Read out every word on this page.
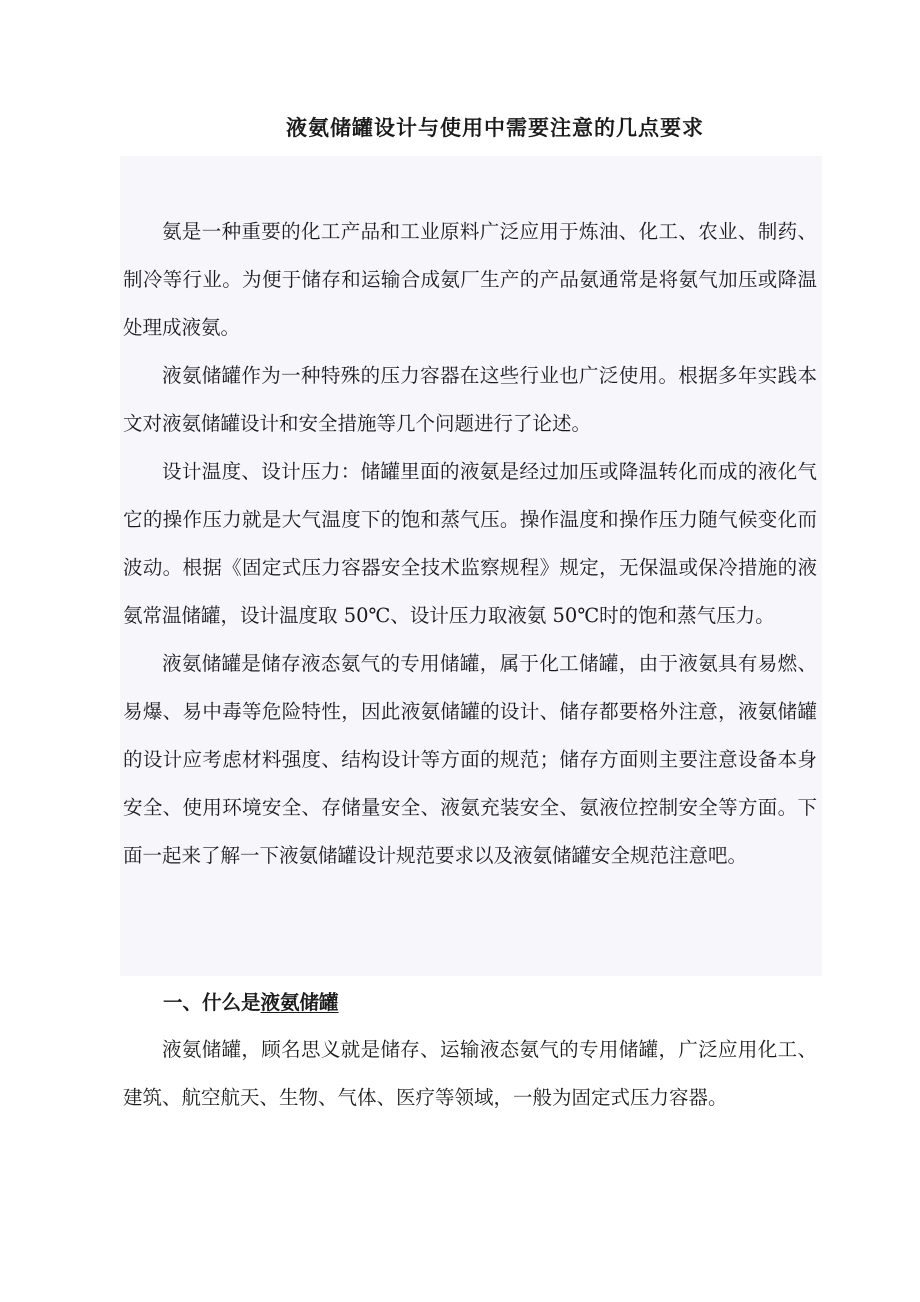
液氨储罐设计与使用中需要注意的几点要求

氨是一种重要的化工产品和工业原料广泛应用于炼油、化工、农业、制药、制冷等行业。为便于储存和运输合成氨厂生产的产品氨通常是将氨气加压或降温处理成液氨。

液氨储罐作为一种特殊的压力容器在这些行业也广泛使用。根据多年实践本文对液氨储罐设计和安全措施等几个问题进行了论述。

设计温度、设计压力：储罐里面的液氨是经过加压或降温转化而成的液化气它的操作压力就是大气温度下的饱和蒸气压。操作温度和操作压力随气候变化而波动。根据《固定式压力容器安全技术监察规程》规定，无保温或保冷措施的液氨常温储罐，设计温度取 50℃、设计压力取液氨 50℃时的饱和蒸气压力。

液氨储罐是储存液态氨气的专用储罐，属于化工储罐，由于液氨具有易燃、易爆、易中毒等危险特性，因此液氨储罐的设计、储存都要格外注意，液氨储罐的设计应考虑材料强度、结构设计等方面的规范；储存方面则主要注意设备本身安全、使用环境安全、存储量安全、液氨充装安全、氨液位控制安全等方面。下面一起来了解一下液氨储罐设计规范要求以及液氨储罐安全规范注意吧。

一、什么是液氨储罐

液氨储罐，顾名思义就是储存、运输液态氨气的专用储罐，广泛应用化工、建筑、航空航天、生物、气体、医疗等领域，一般为固定式压力容器。
